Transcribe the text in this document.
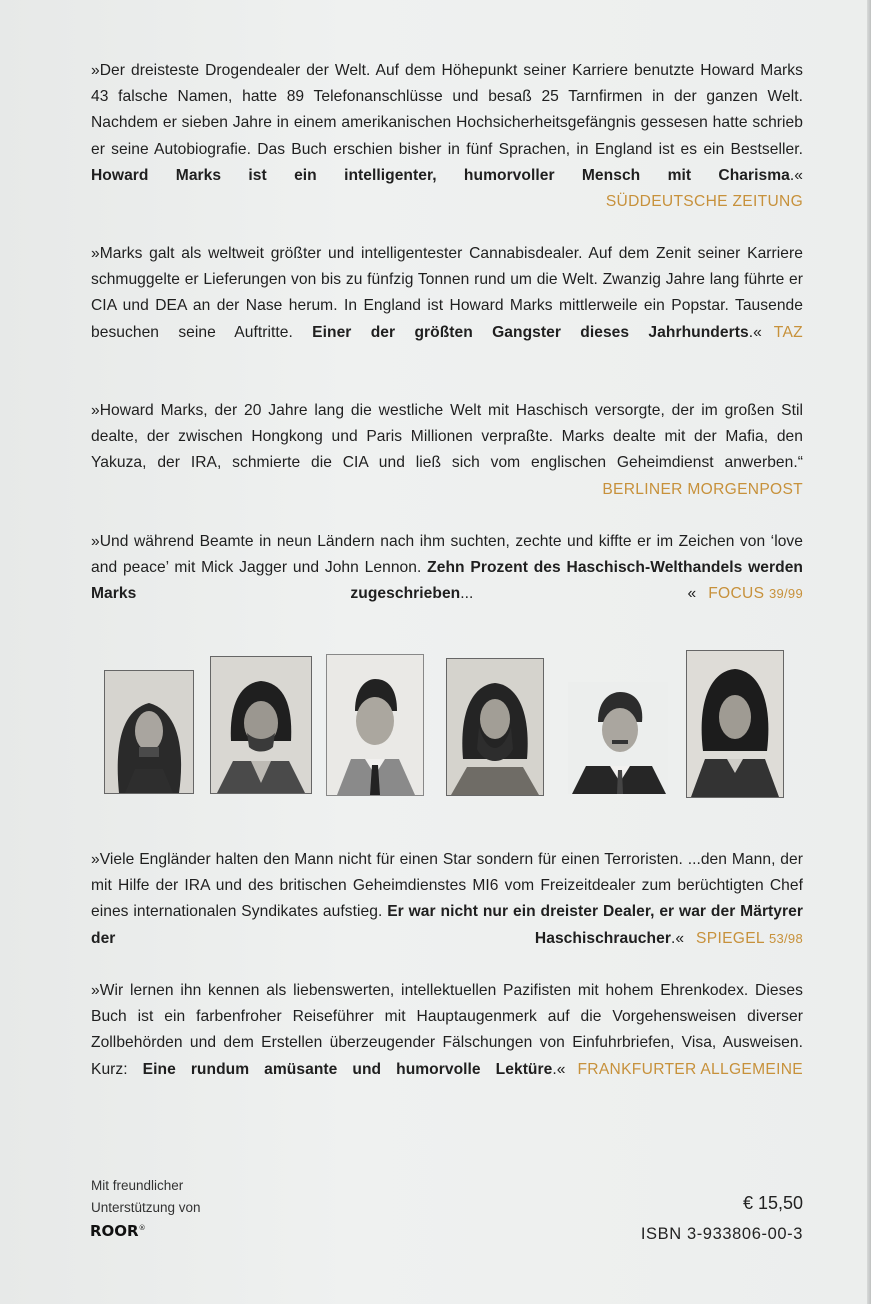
»Der dreisteste Drogendealer der Welt. Auf dem Höhepunkt seiner Karriere benutzte Howard Marks 43 falsche Namen, hatte 89 Telefonanschlüsse und besaß 25 Tarnfirmen in der ganzen Welt. Nachdem er sieben Jahre in einem amerikanischen Hochsicherheitsgefängnis gessesen hatte schrieb er seine Autobiografie. Das Buch erschien bisher in fünf Sprachen, in England ist es ein Bestseller. Howard Marks ist ein intelligenter, humorvoller Mensch mit Charisma.«
SÜDDEUTSCHE ZEITUNG
»Marks galt als weltweit größter und intelligentester Cannabisdealer. Auf dem Zenit seiner Karriere schmuggelte er Lieferungen von bis zu fünfzig Tonnen rund um die Welt. Zwanzig Jahre lang führte er CIA und DEA an der Nase herum. In England ist Howard Marks mittlerweile ein Popstar. Tausende besuchen seine Auftritte. Einer der größten Gangster dieses Jahrhunderts.« TAZ
»Howard Marks, der 20 Jahre lang die westliche Welt mit Haschisch versorgte, der im großen Stil dealte, der zwischen Hongkong und Paris Millionen verpraßte. Marks dealte mit der Mafia, den Yakuza, der IRA, schmierte die CIA und ließ sich vom englischen Geheimdienst anwerben.“
BERLINER MORGENPOST
»Und während Beamte in neun Ländern nach ihm suchten, zechte und kiffte er im Zeichen von ‘love and peace’ mit Mick Jagger und John Lennon. Zehn Prozent des Haschisch-Welthandels werden Marks zugeschrieben... « FOCUS 39/99
»Viele Engländer halten den Mann nicht für einen Star sondern für einen Terroristen. ...den Mann, der mit Hilfe der IRA und des britischen Geheimdienstes MI6 vom Freizeitdealer zum berüchtigten Chef eines internationalen Syndikates aufstieg. Er war nicht nur ein dreister Dealer, er war der Märtyrer der Haschischraucher.« SPIEGEL 53/98
»Wir lernen ihn kennen als liebenswerten, intellektuellen Pazifisten mit hohem Ehrenkodex. Dieses Buch ist ein farbenfroher Reiseführer mit Hauptaugenmerk auf die Vorgehensweisen diverser Zollbehörden und dem Erstellen überzeugender Fälschungen von Einfuhrbriefen, Visa, Ausweisen. Kurz: Eine rundum amüsante und humorvolle Lektüre.« FRANKFURTER ALLGEMEINE
Mit freundlicher
Unterstützung von
ROOR®
€ 15,50
ISBN 3-933806-00-3
